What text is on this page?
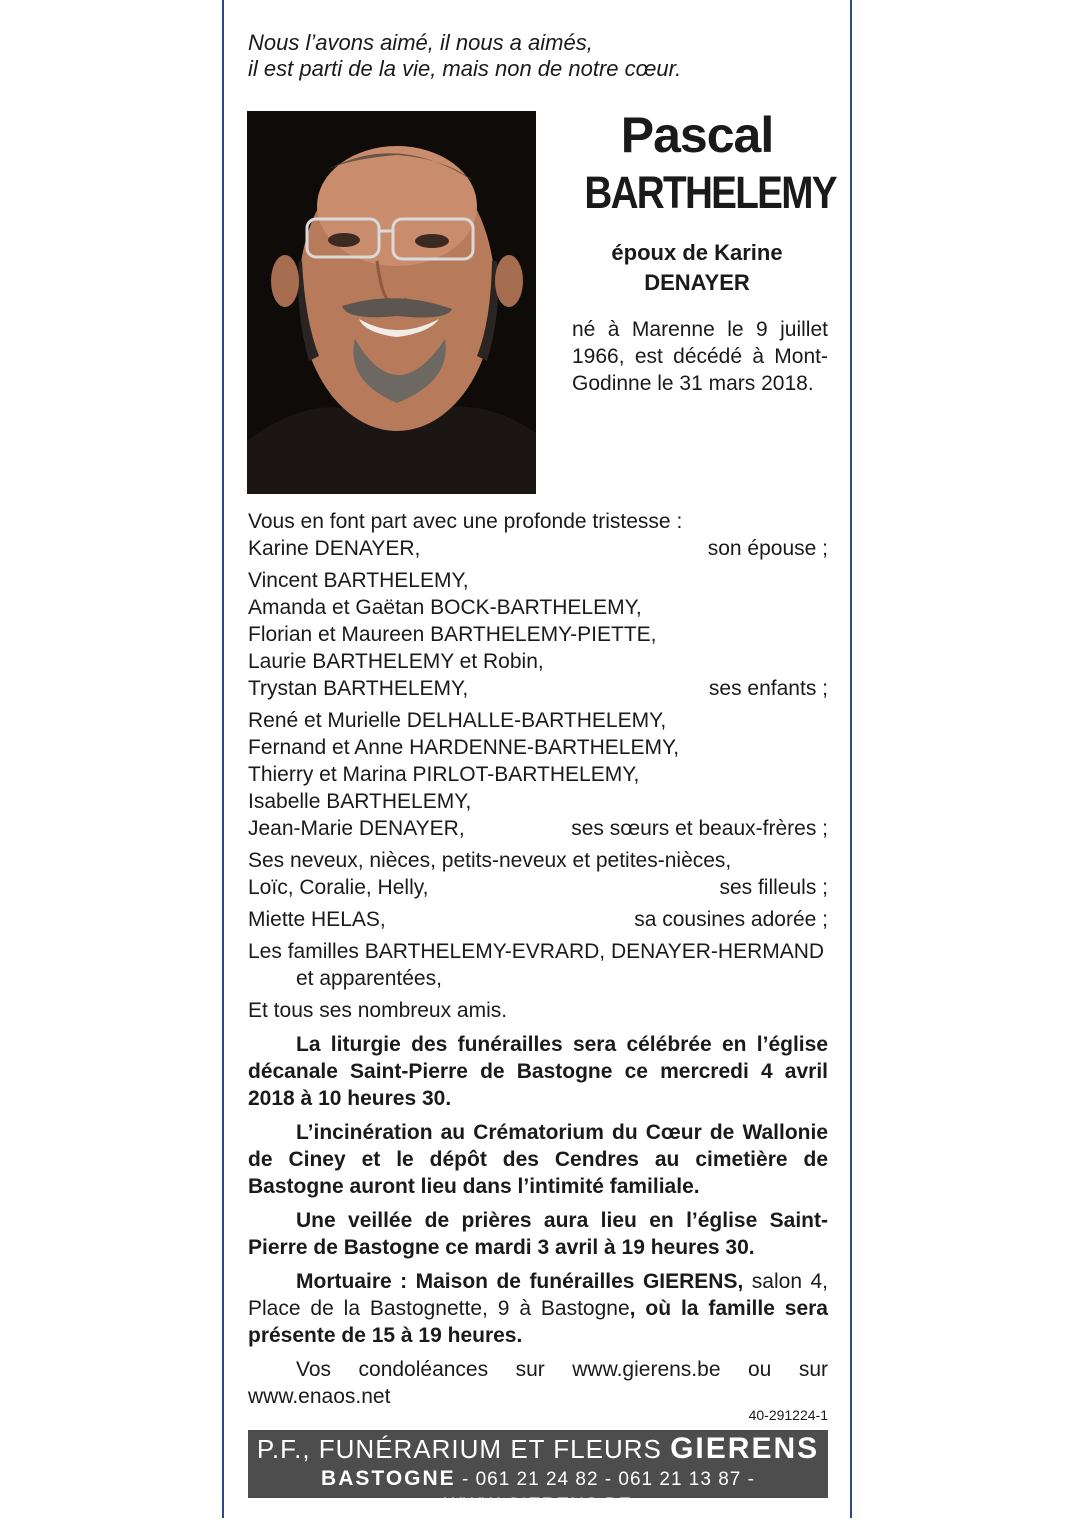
Nous l’avons aimé, il nous a aimés,
il est parti de la vie, mais non de notre cœur.
Pascal
BARTHELEMY
époux de Karine
DENAYER
né à Marenne le 9 juillet 1966, est décédé à Mont-Godinne le 31 mars 2018.
Vous en font part avec une profonde tristesse :
Karine DENAYER,	son épouse ;
Vincent BARTHELEMY,
Amanda et Gaëtan BOCK-BARTHELEMY,
Florian et Maureen BARTHELEMY-PIETTE,
Laurie BARTHELEMY et Robin,
Trystan BARTHELEMY,	ses enfants ;
René et Murielle DELHALLE-BARTHELEMY,
Fernand et Anne HARDENNE-BARTHELEMY,
Thierry et Marina PIRLOT-BARTHELEMY,
Isabelle BARTHELEMY,
Jean-Marie DENAYER,	ses sœurs et beaux-frères ;
Ses neveux, nièces, petits-neveux et petites-nièces,
Loïc, Coralie, Helly,	ses filleuls ;
Miette HELAS,	sa cousines adorée ;
Les familles BARTHELEMY-EVRARD, DENAYER-HERMAND
et apparentées,
Et tous ses nombreux amis.
La liturgie des funérailles sera célébrée en l’église décanale Saint-Pierre de Bastogne ce mercredi 4 avril 2018 à 10 heures 30.
L’incinération au Crématorium du Cœur de Wallonie de Ciney et le dépôt des Cendres au cimetière de Bastogne auront lieu dans l’intimité familiale.
Une veillée de prières aura lieu en l’église Saint-Pierre de Bastogne ce mardi 3 avril à 19 heures 30.
Mortuaire : Maison de funérailles GIERENS, salon 4, Place de la Bastognette, 9 à Bastogne, où la famille sera présente de 15 à 19 heures.
Vos condoléances sur www.gierens.be ou sur www.enaos.net
40-291224-1
P.F., FUNÉRARIUM ET FLEURS GIERENS
BASTOGNE - 061 21 24 82 - 061 21 13 87 - WWW.GIERENS.BE
